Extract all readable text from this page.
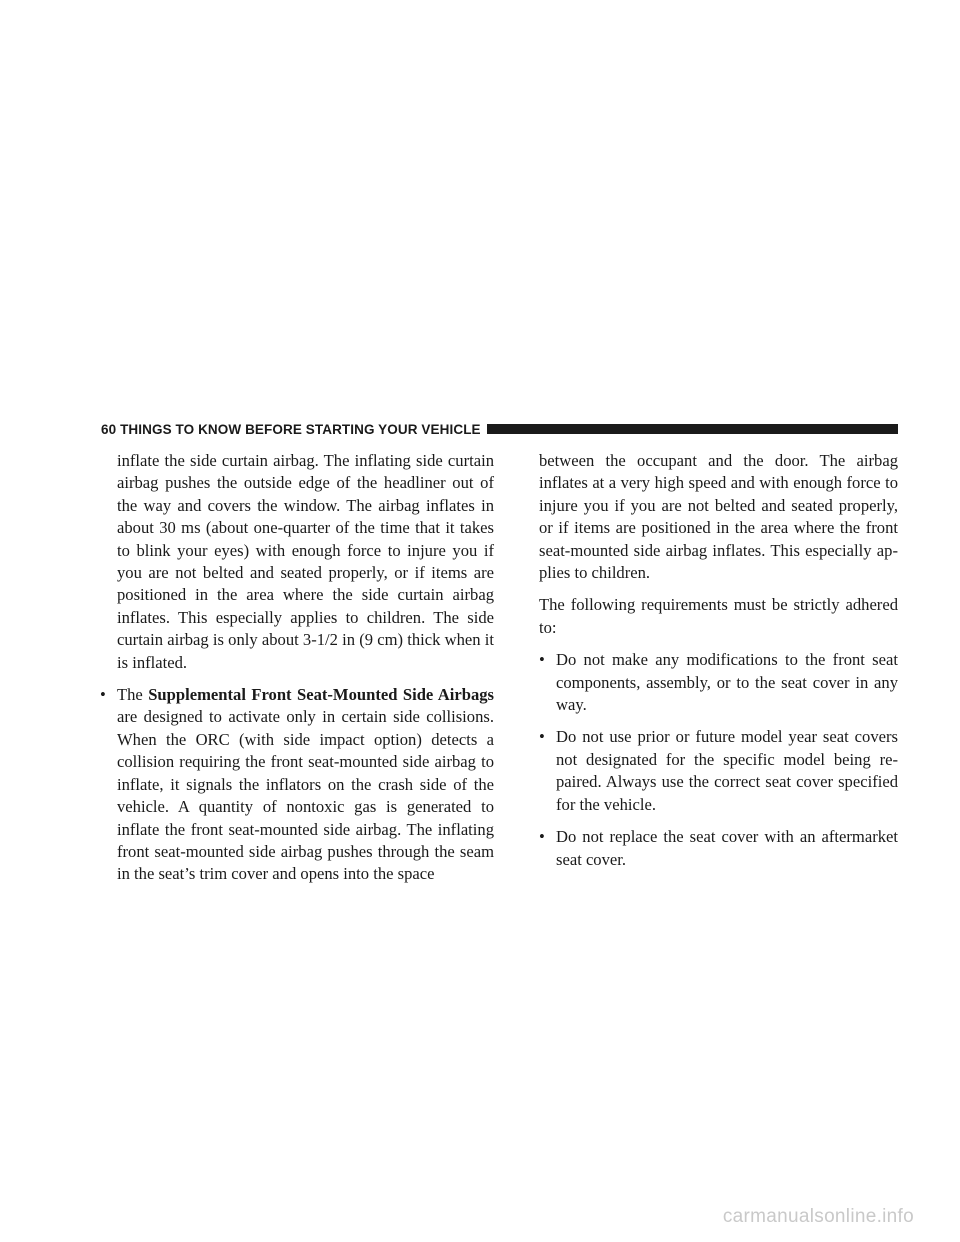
60 THINGS TO KNOW BEFORE STARTING YOUR VEHICLE

inflate the side curtain airbag. The inflating side curtain airbag pushes the outside edge of the headliner out of the way and covers the window. The airbag inflates in about 30 ms (about one-quarter of the time that it takes to blink your eyes) with enough force to injure you if you are not belted and seated properly, or if items are positioned in the area where the side curtain airbag inflates. This especially applies to children. The side curtain airbag is only about 3-1/2 in (9 cm) thick when it is inflated.

• The Supplemental Front Seat-Mounted Side Airbags are designed to activate only in certain side collisions. When the ORC (with side impact option) detects a collision requiring the front seat-mounted side airbag to inflate, it signals the inflators on the crash side of the vehicle. A quantity of nontoxic gas is generated to inflate the front seat-mounted side airbag. The inflating front seat-mounted side airbag pushes through the seam in the seat’s trim cover and opens into the space

between the occupant and the door. The airbag inflates at a very high speed and with enough force to injure you if you are not belted and seated properly, or if items are positioned in the area where the front seat-mounted side airbag inflates. This especially applies to children.

The following requirements must be strictly adhered to:

• Do not make any modifications to the front seat components, assembly, or to the seat cover in any way.

• Do not use prior or future model year seat covers not designated for the specific model being repaired. Always use the correct seat cover specified for the vehicle.

• Do not replace the seat cover with an aftermarket seat cover.

carmanualsonline.info
